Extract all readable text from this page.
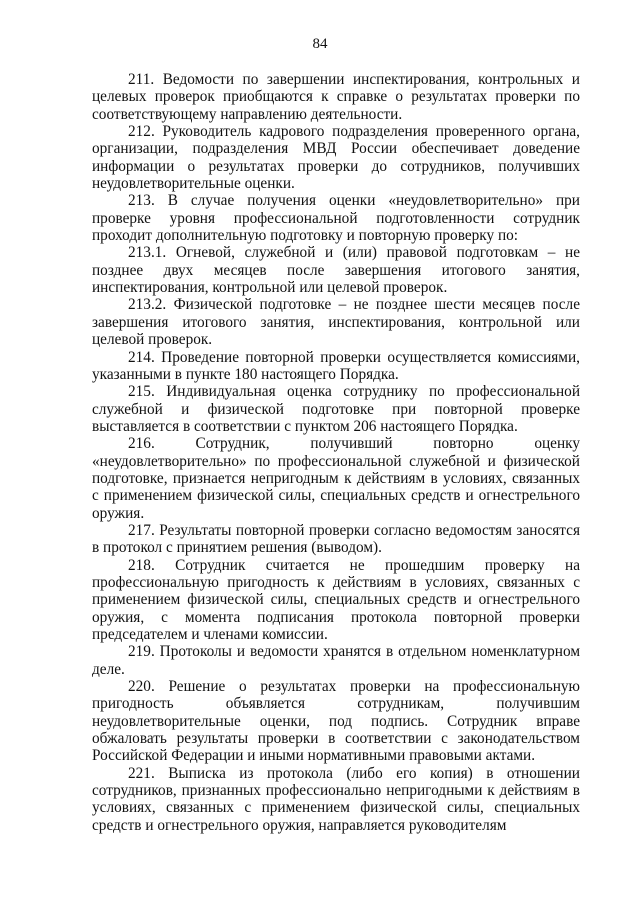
84

211. Ведомости по завершении инспектирования, контрольных и целевых проверок приобщаются к справке о результатах проверки по соответствующему направлению деятельности.

212. Руководитель кадрового подразделения проверенного органа, организации, подразделения МВД России обеспечивает доведение информации о результатах проверки до сотрудников, получивших неудовлетворительные оценки.

213. В случае получения оценки «неудовлетворительно» при проверке уровня профессиональной подготовленности сотрудник проходит дополнительную подготовку и повторную проверку по:

213.1. Огневой, служебной и (или) правовой подготовкам – не позднее двух месяцев после завершения итогового занятия, инспектирования, контрольной или целевой проверок.

213.2. Физической подготовке – не позднее шести месяцев после завершения итогового занятия, инспектирования, контрольной или целевой проверок.

214. Проведение повторной проверки осуществляется комиссиями, указанными в пункте 180 настоящего Порядка.

215. Индивидуальная оценка сотруднику по профессиональной служебной и физической подготовке при повторной проверке выставляется в соответствии с пунктом 206 настоящего Порядка.

216. Сотрудник, получивший повторно оценку «неудовлетворительно» по профессиональной служебной и физической подготовке, признается непригодным к действиям в условиях, связанных с применением физической силы, специальных средств и огнестрельного оружия.

217. Результаты повторной проверки согласно ведомостям заносятся в протокол с принятием решения (выводом).

218. Сотрудник считается не прошедшим проверку на профессиональную пригодность к действиям в условиях, связанных с применением физической силы, специальных средств и огнестрельного оружия, с момента подписания протокола повторной проверки председателем и членами комиссии.

219. Протоколы и ведомости хранятся в отдельном номенклатурном деле.

220. Решение о результатах проверки на профессиональную пригодность объявляется сотрудникам, получившим неудовлетворительные оценки, под подпись. Сотрудник вправе обжаловать результаты проверки в соответствии с законодательством Российской Федерации и иными нормативными правовыми актами.

221. Выписка из протокола (либо его копия) в отношении сотрудников, признанных профессионально непригодными к действиям в условиях, связанных с применением физической силы, специальных средств и огнестрельного оружия, направляется руководителям
